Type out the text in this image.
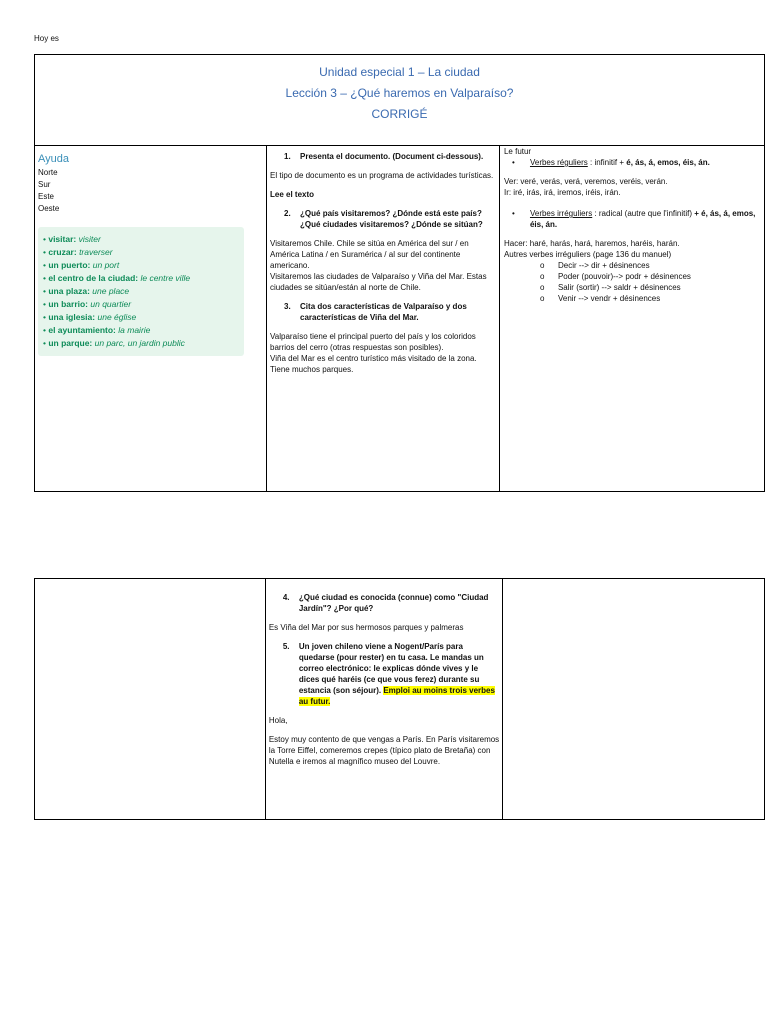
Hoy es
Unidad especial 1 – La ciudad
Lección 3 – ¿Qué haremos en Valparaíso?
CORRIGÉ

Ayuda
Norte
Sur
Este
Oeste
• visitar: visiter
• cruzar: traverser
• un puerto: un port
• el centro de la ciudad: le centre ville
• una plaza: une place
• un barrio: un quartier
• una iglesia: une église
• el ayuntamiento: la mairie
• un parque: un parc, un jardin public

1.	Presenta el documento. (Document ci-dessous).
El tipo de documento es un programa de actividades turísticas.
Lee el texto
2.	¿Qué país visitaremos? ¿Dónde está este país? ¿Qué ciudades visitaremos? ¿Dónde se sitúan?
Visitaremos Chile. Chile se sitúa en América del sur / en América Latina / en Suramérica / al sur del continente americano.
Visitaremos las ciudades de Valparaíso y Viña del Mar. Estas ciudades se sitúan/están al norte de Chile.
3.	Cita dos características de Valparaíso y dos características de Viña del Mar.
Valparaíso tiene el principal puerto del país y los coloridos barrios del cerro (otras respuestas son posibles).
Viña del Mar es el centro turístico más visitado de la zona. Tiene muchos parques.

Le futur
•	Verbes réguliers : infinitif + é, ás, á, emos, éis, án.
Ver: veré, verás, verá, veremos, veréis, verán.
Ir: iré, irás, irá, iremos, iréis, irán.
•	Verbes irréguliers : radical (autre que l'infinitif) + é, ás, á, emos, éis, án.
Hacer: haré, harás, hará, haremos, haréis, harán.
Autres verbes irréguliers (page 136 du manuel)
o	Decir --> dir + désinences
o	Poder (pouvoir)--> podr + désinences
o	Salir (sortir) --> saldr + désinences
o	Venir --> vendr + désinences

4.	¿Qué ciudad es conocida (connue) como "Ciudad Jardín"? ¿Por qué?
Es Viña del Mar por sus hermosos parques y palmeras
5.	Un joven chileno viene a Nogent/París para quedarse (pour rester) en tu casa. Le mandas un correo electrónico: le explicas dónde vives y le dices qué haréis (ce que vous ferez) durante su estancia (son séjour). Emploi au moins trois verbes au futur.
Hola,
Estoy muy contento de que vengas a París. En París visitaremos la Torre Eiffel, comeremos crepes (típico plato de Bretaña) con Nutella e iremos al magnífico museo del Louvre.
